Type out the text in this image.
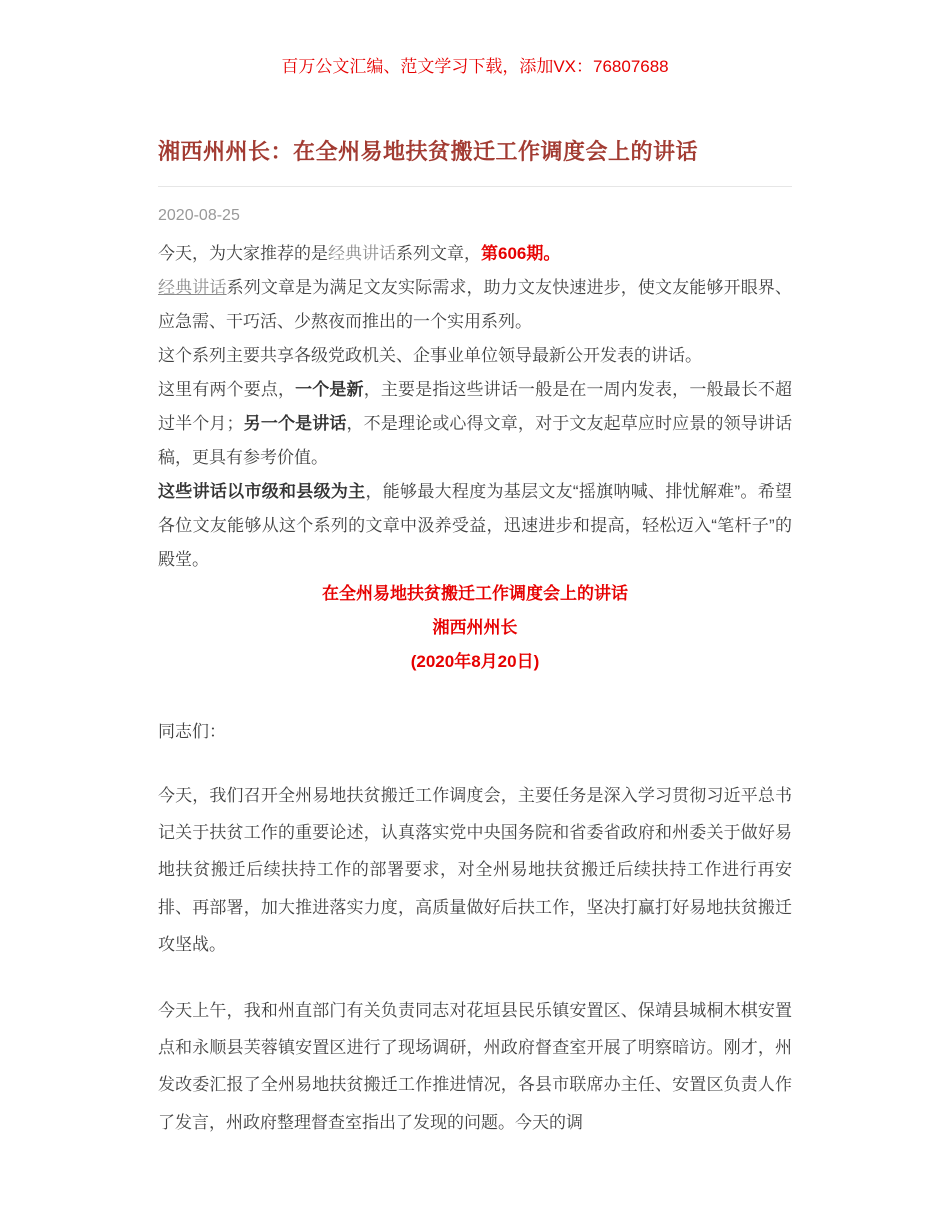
百万公文汇编、范文学习下载，添加VX：76807688
湘西州州长：在全州易地扶贫搬迁工作调度会上的讲话
2020-08-25

今天，为大家推荐的是经典讲话系列文章，第606期。

经典讲话系列文章是为满足文友实际需求，助力文友快速进步，使文友能够开眼界、应急需、干巧活、少熬夜而推出的一个实用系列。

这个系列主要共享各级党政机关、企事业单位领导最新公开发表的讲话。

这里有两个要点，一个是新，主要是指这些讲话一般是在一周内发表，一般最长不超过半个月；另一个是讲话，不是理论或心得文章，对于文友起草应时应景的领导讲话稿，更具有参考价值。

这些讲话以市级和县级为主，能够最大程度为基层文友“摇旗呐喊、排忧解难”。希望各位文友能够从这个系列的文章中汲养受益，迅速进步和提高，轻松迈入“笔杆子”的殿堂。

在全州易地扶贫搬迁工作调度会上的讲话

湘西州州长

(2020年8月20日)

同志们：

今天，我们召开全州易地扶贫搬迁工作调度会，主要任务是深入学习贯彻习近平总书记关于扶贫工作的重要论述，认真落实党中央国务院和省委省政府和州委关于做好易地扶贫搬迁后续扶持工作的部署要求，对全州易地扶贫搬迁后续扶持工作进行再安排、再部署，加大推进落实力度，高质量做好后扶工作，坚决打赢打好易地扶贫搬迁攻坚战。

今天上午，我和州直部门有关负责同志对花垣县民乐镇安置区、保靖县城桐木棋安置点和永顺县芙蓉镇安置区进行了现场调研，州政府督查室开展了明察暗访。刚才，州发改委汇报了全州易地扶贫搬迁工作推进情况，各县市联席办主任、安置区负责人作了发言，州政府整理督查室指出了发现的问题。今天的调
